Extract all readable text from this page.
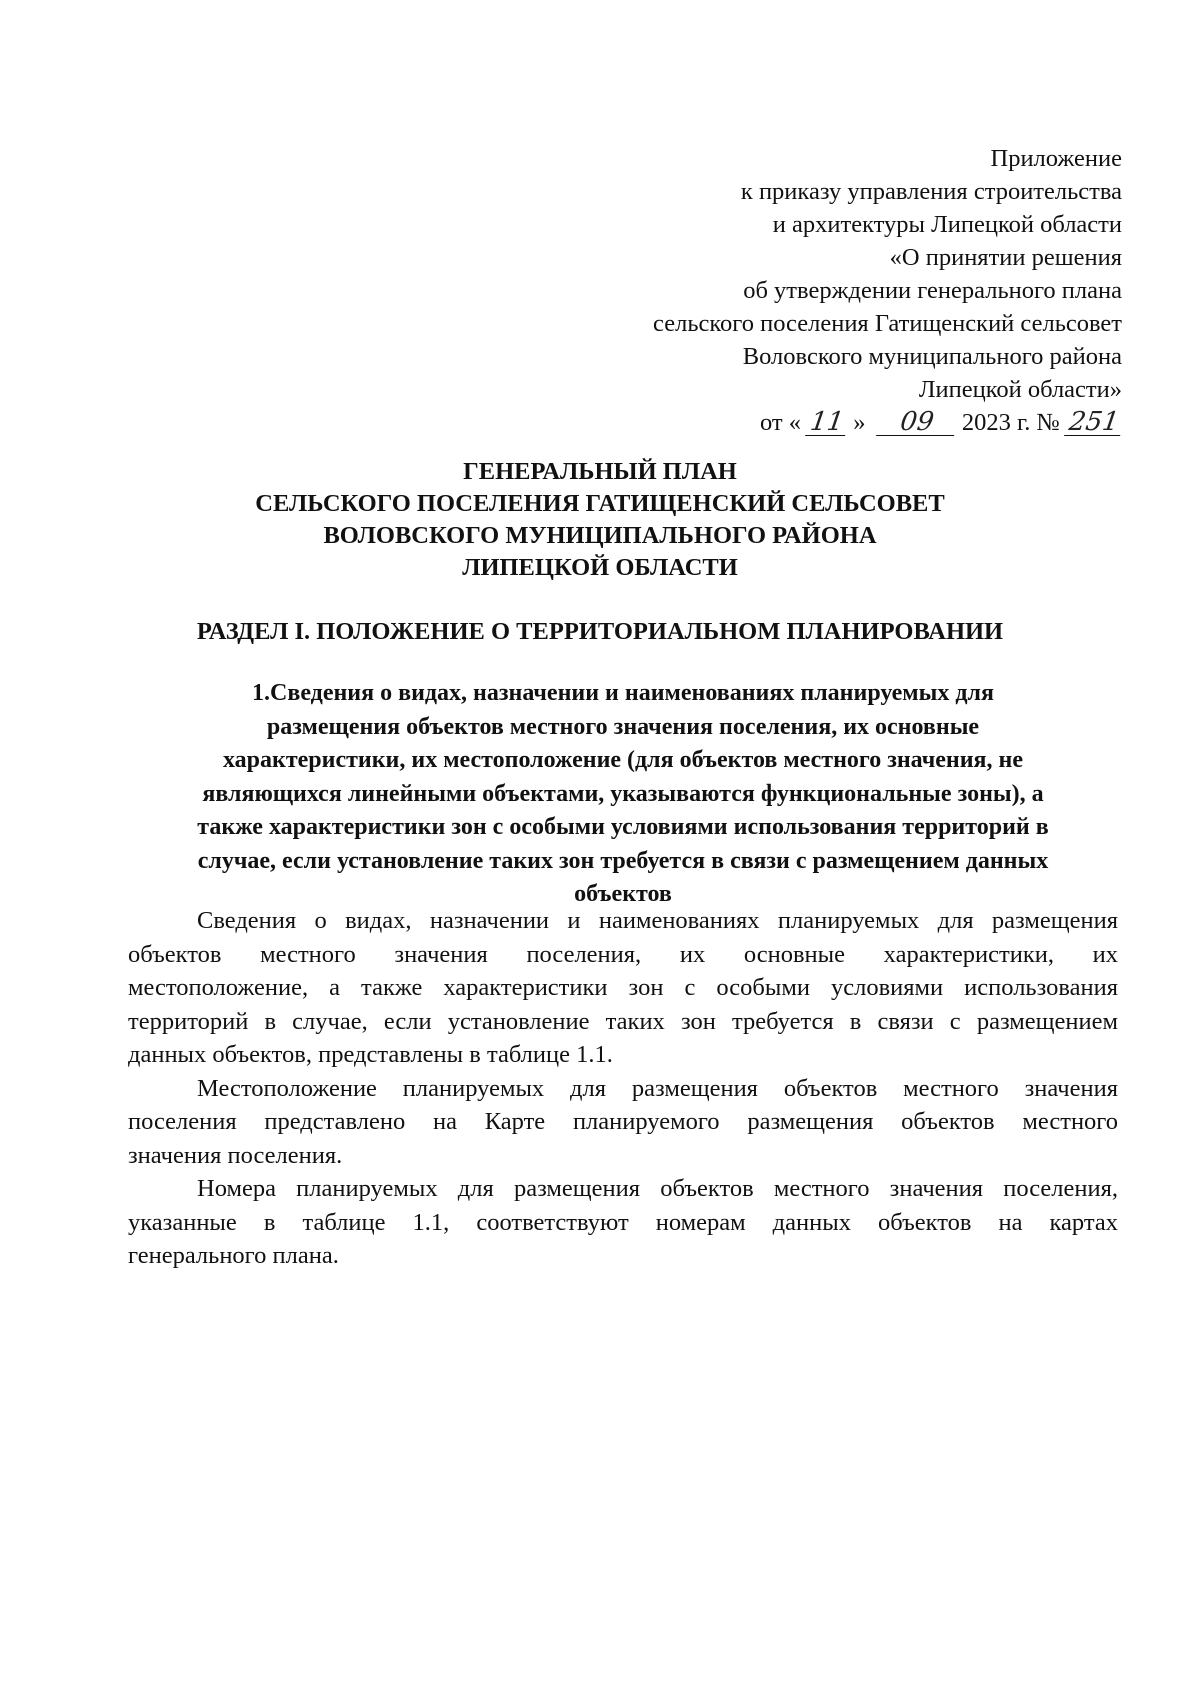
Приложение
к приказу управления строительства
и архитектуры Липецкой области
«О принятии решения
об утверждении генерального плана
сельского поселения Гатищенский сельсовет
Воловского муниципального района
Липецкой области»
от « 11 » 09 2023 г. № 251
ГЕНЕРАЛЬНЫЙ ПЛАН
СЕЛЬСКОГО ПОСЕЛЕНИЯ ГАТИЩЕНСКИЙ СЕЛЬСОВЕТ
ВОЛОВСКОГО МУНИЦИПАЛЬНОГО РАЙОНА
ЛИПЕЦКОЙ ОБЛАСТИ
РАЗДЕЛ I. ПОЛОЖЕНИЕ О ТЕРРИТОРИАЛЬНОМ ПЛАНИРОВАНИИ
1.Сведения о видах, назначении и наименованиях планируемых для
размещения объектов местного значения поселения, их основные
характеристики, их местоположение (для объектов местного значения, не
являющихся линейными объектами, указываются функциональные зоны), а
также характеристики зон с особыми условиями использования территорий в
случае, если установление таких зон требуется в связи с размещением данных
объектов
Сведения о видах, назначении и наименованиях планируемых для размещения
объектов местного значения поселения, их основные характеристики, их
местоположение, а также характеристики зон с особыми условиями использования
территорий в случае, если установление таких зон требуется в связи с размещением
данных объектов, представлены в таблице 1.1.
Местоположение планируемых для размещения объектов местного значения
поселения представлено на Карте планируемого размещения объектов местного
значения поселения.
Номера планируемых для размещения объектов местного значения поселения,
указанные в таблице 1.1, соответствуют номерам данных объектов на картах
генерального плана.
